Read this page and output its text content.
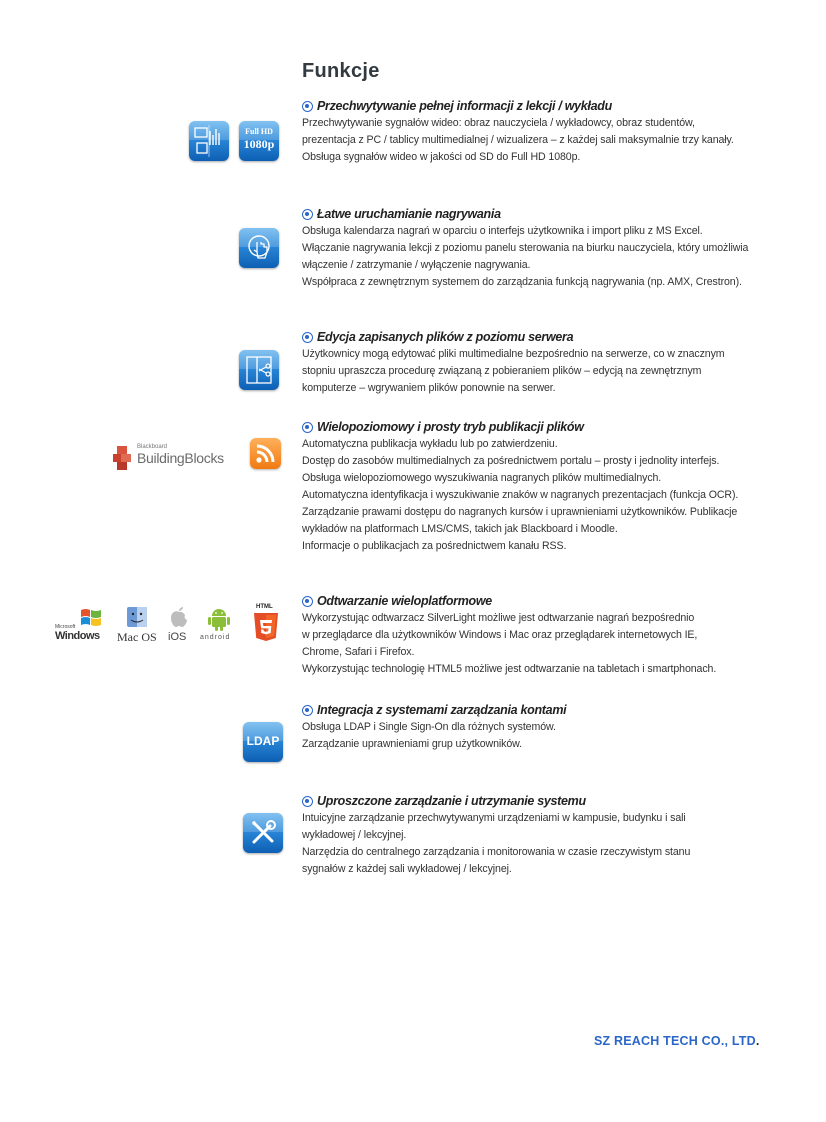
Funkcje
Przechwytywanie pełnej informacji z lekcji / wykładu

Przechwytywanie sygnałów wideo: obraz nauczyciela / wykładowcy, obraz studentów,

prezentacja z PC / tablicy multimedialnej / wizualizera – z każdej sali maksymalnie trzy kanały.

Obsługa sygnałów wideo w jakości od SD do Full HD 1080p.

Łatwe uruchamianie nagrywania

Obsługa kalendarza nagrań w oparciu o interfejs użytkownika i import pliku z MS Excel.

Włączanie nagrywania lekcji z poziomu panelu sterowania na biurku nauczyciela, który umożliwia

włączenie / zatrzymanie / wyłączenie nagrywania.

Współpraca z zewnętrznym systemem do zarządzania funkcją nagrywania (np. AMX, Crestron).

Edycja zapisanych plików z poziomu serwera

Użytkownicy mogą edytować pliki multimedialne bezpośrednio na serwerze, co w znacznym

stopniu upraszcza procedurę związaną z pobieraniem plików – edycją na zewnętrznym

komputerze – wgrywaniem plików ponownie na serwer.

Wielopoziomowy i prosty tryb publikacji plików

Automatyczna publikacja wykładu lub po zatwierdzeniu.

Dostęp do zasobów multimedialnych za pośrednictwem portalu – prosty i jednolity interfejs.

Obsługa wielopoziomowego wyszukiwania nagranych plików multimedialnych.

Automatyczna identyfikacja i wyszukiwanie znaków w nagranych prezentacjach (funkcja OCR).

Zarządzanie prawami dostępu do nagranych kursów i uprawnieniami użytkowników. Publikacje

wykładów na platformach LMS/CMS, takich jak Blackboard i Moodle.

Informacje o publikacjach za pośrednictwem kanału RSS.

Odtwarzanie wieloplatformowe

Wykorzystując odtwarzacz SilverLight możliwe jest odtwarzanie nagrań bezpośrednio

w przeglądarce dla użytkowników Windows i Mac oraz przeglądarek internetowych IE,

Chrome, Safari i Firefox.

Wykorzystując technologię HTML5 możliwe jest odtwarzanie na tabletach i smartphonach.

Integracja z systemami zarządzania kontami

Obsługa LDAP i Single Sign-On dla różnych systemów.

Zarządzanie uprawnieniami grup użytkowników.

Uproszczone zarządzanie i utrzymanie systemu

Intuicyjne zarządzanie przechwytywanymi urządzeniami w kampusie, budynku i sali

wykładowej / lekcyjnej.

Narzędzia do centralnego zarządzania i monitorowania w czasie rzeczywistym stanu

sygnałów z każdej sali wykładowej / lekcyjnej.

Full HD
1080p
Blackboard
BuildingBlocks
Microsoft
Windows Mac OS iOS android
HTML
LDAP
SZ REACH TECH CO., LTD.
